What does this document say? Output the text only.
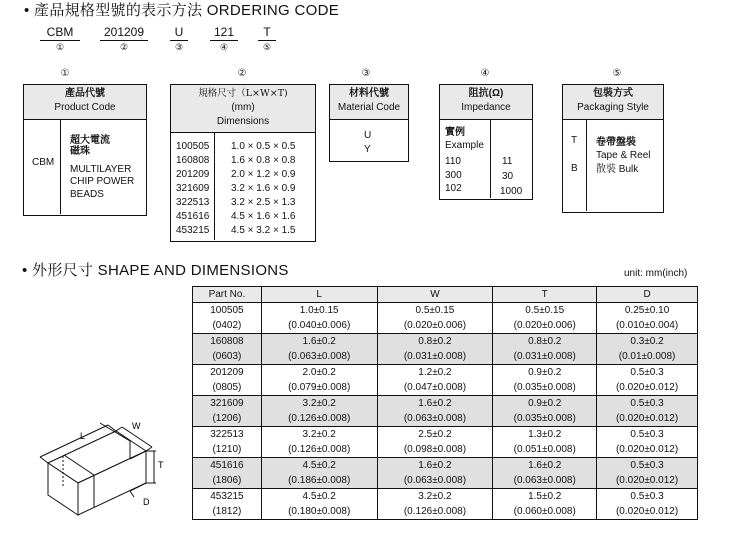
• 產品規格型號的表示方法 ORDERING CODE
CBM
①
201209
②
U
③
121
④
T
⑤
①	②	③	④	⑤
產品代號
Product Code
CBM
超大電流
磁珠
MULTILAYER
CHIP POWER
BEADS
規格尺寸（L×W×T)
(mm)
Dimensions
100505 1.0 × 0.5 × 0.5
160808 1.6 × 0.8 × 0.8
201209 2.0 × 1.2 × 0.9
321609 3.2 × 1.6 × 0.9
322513 3.2 × 2.5 × 1.3
451616 4.5 × 1.6 × 1.6
453215 4.5 × 3.2 × 1.5
材料代號
Material Code
U
Y
阻抗(Ω)
Impedance
實例
Example
110	11
300	30
102	1000
包裝方式
Packaging Style
T 卷帶盤裝
Tape & Reel
B 散裝 Bulk
• 外形尺寸 SHAPE AND DIMENSIONS	unit: mm(inch)
L
W
T
D
Part No.	L	W	T	D
100505	1.0±0.15	0.5±0.15	0.5±0.15	0.25±0.10
(0402)	(0.040±0.006)	(0.020±0.006)	(0.020±0.006)	(0.010±0.004)
160808	1.6±0.2	0.8±0.2	0.8±0.2	0.3±0.2
(0603)	(0.063±0.008)	(0.031±0.008)	(0.031±0.008)	(0.01±0.008)
201209	2.0±0.2	1.2±0.2	0.9±0.2	0.5±0.3
(0805)	(0.079±0.008)	(0.047±0.008)	(0.035±0.008)	(0.020±0.012)
321609	3.2±0.2	1.6±0.2	0.9±0.2	0.5±0.3
(1206)	(0.126±0.008)	(0.063±0.008)	(0.035±0.008)	(0.020±0.012)
322513	3.2±0.2	2.5±0.2	1.3±0.2	0.5±0.3
(1210)	(0.126±0.008)	(0.098±0.008)	(0.051±0.008)	(0.020±0.012)
451616	4.5±0.2	1.6±0.2	1.6±0.2	0.5±0.3
(1806)	(0.186±0.008)	(0.063±0.008)	(0.063±0.008)	(0.020±0.012)
453215	4.5±0.2	3.2±0.2	1.5±0.2	0.5±0.3
(1812)	(0.180±0.008)	(0.126±0.008)	(0.060±0.008)	(0.020±0.012)
